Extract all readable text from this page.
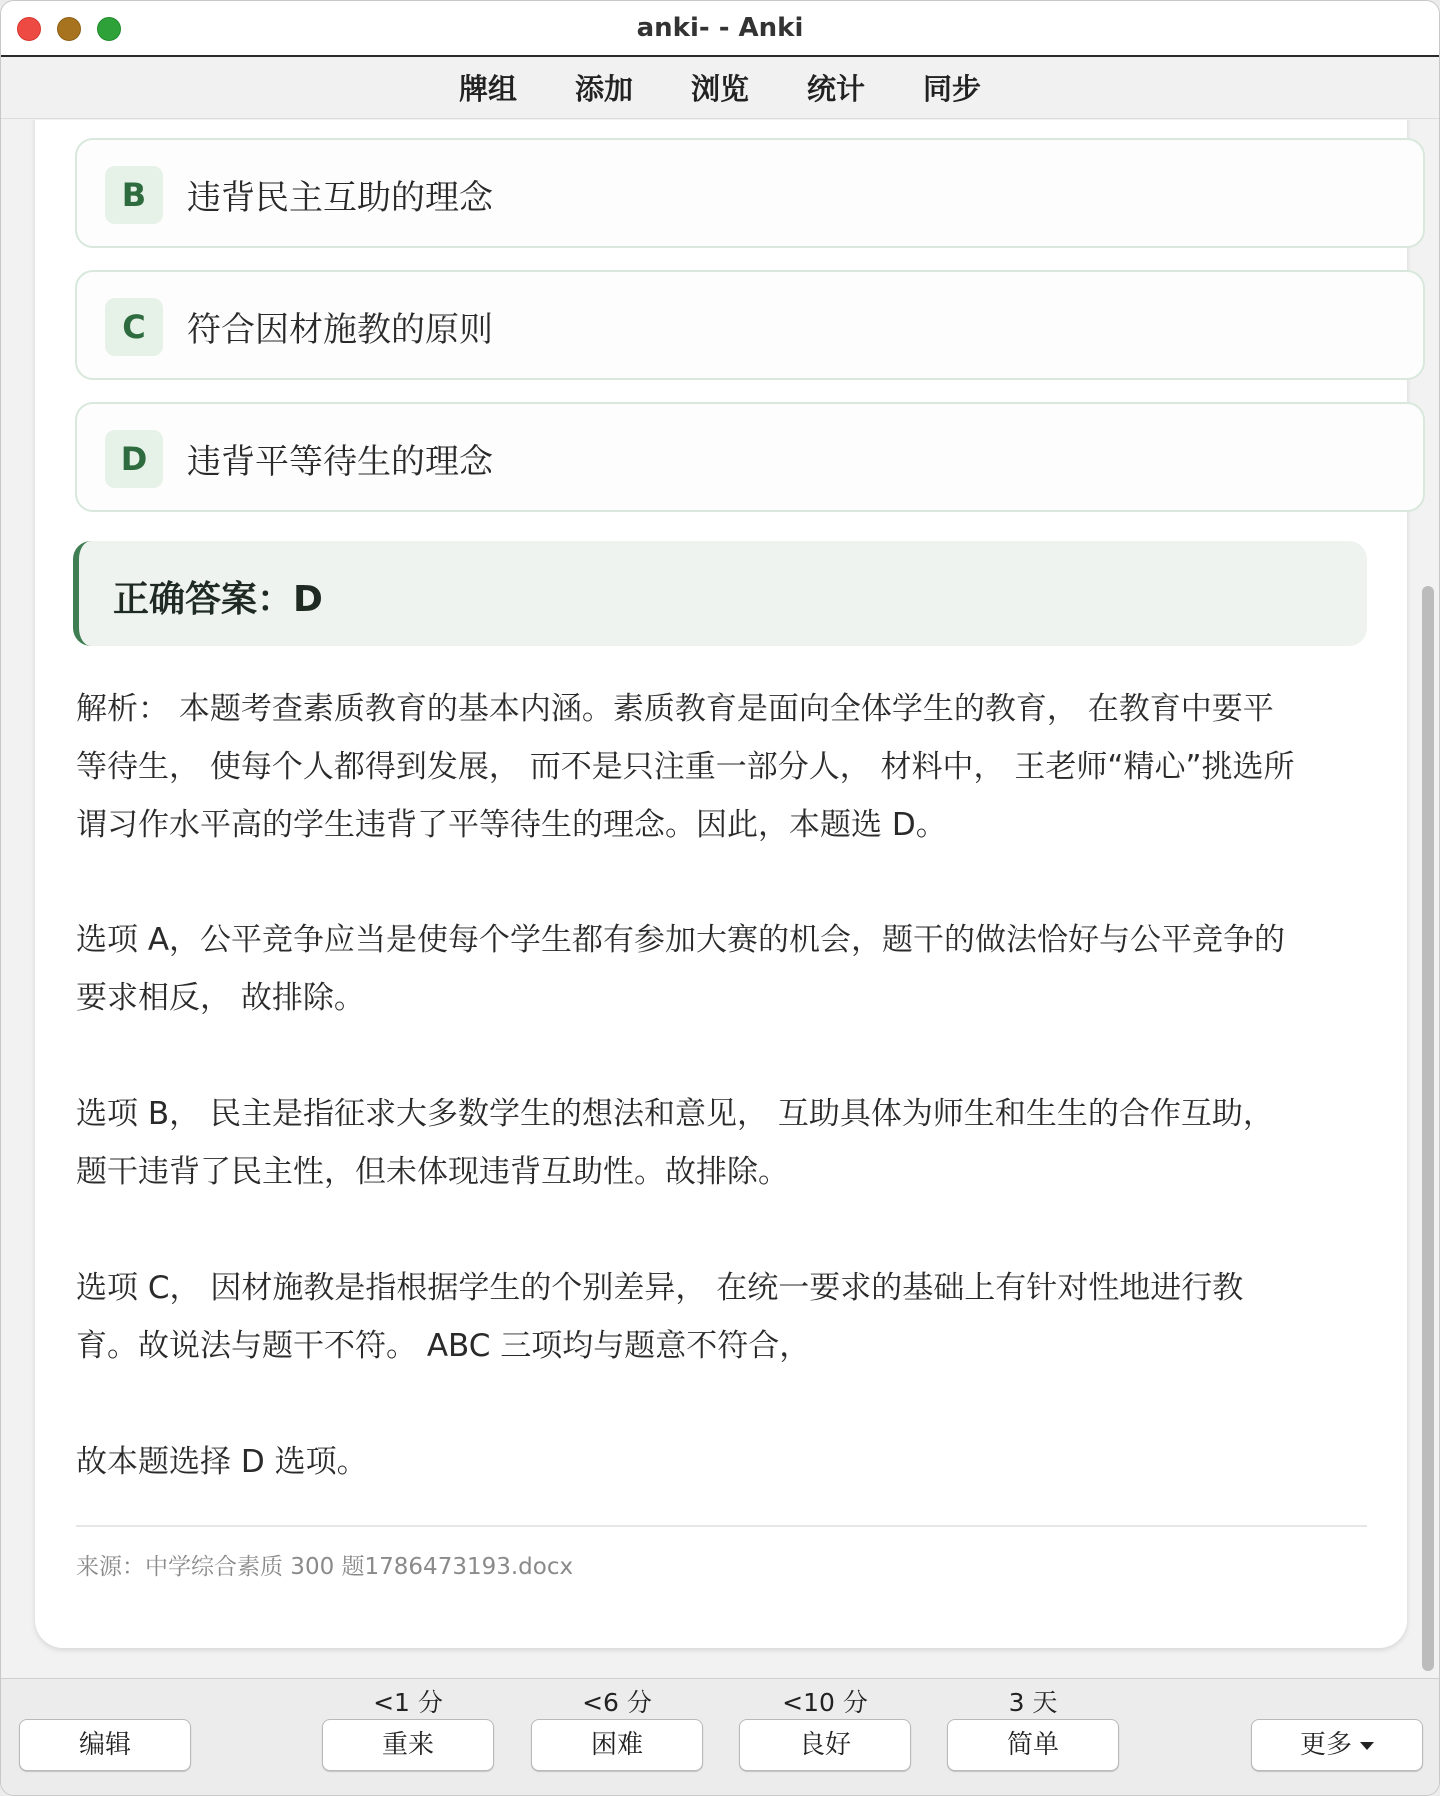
anki- - Anki
牌组	添加	浏览	统计	同步
B	违背民主互助的理念
C	符合因材施教的原则
D	违背平等待生的理念
正确答案：D

解析： 本题考查素质教育的基本内涵。素质教育是面向全体学生的教育， 在教育中要平

等待生， 使每个人都得到发展， 而不是只注重一部分人， 材料中， 王老师“精心”挑选所

谓习作水平高的学生违背了平等待生的理念。因此，本题选 D。

选项 A，公平竞争应当是使每个学生都有参加大赛的机会，题干的做法恰好与公平竞争的

要求相反， 故排除。

选项 B， 民主是指征求大多数学生的想法和意见， 互助具体为师生和生生的合作互助，

题干违背了民主性，但未体现违背互助性。故排除。

选项 C， 因材施教是指根据学生的个别差异， 在统一要求的基础上有针对性地进行教

育。故说法与题干不符。 ABC 三项均与题意不符合，

故本题选择 D 选项。

来源：中学综合素质 300 题1786473193.docx
编辑
<1 分
重来
<6 分
困难
<10 分
良好
3 天
简单	更多
